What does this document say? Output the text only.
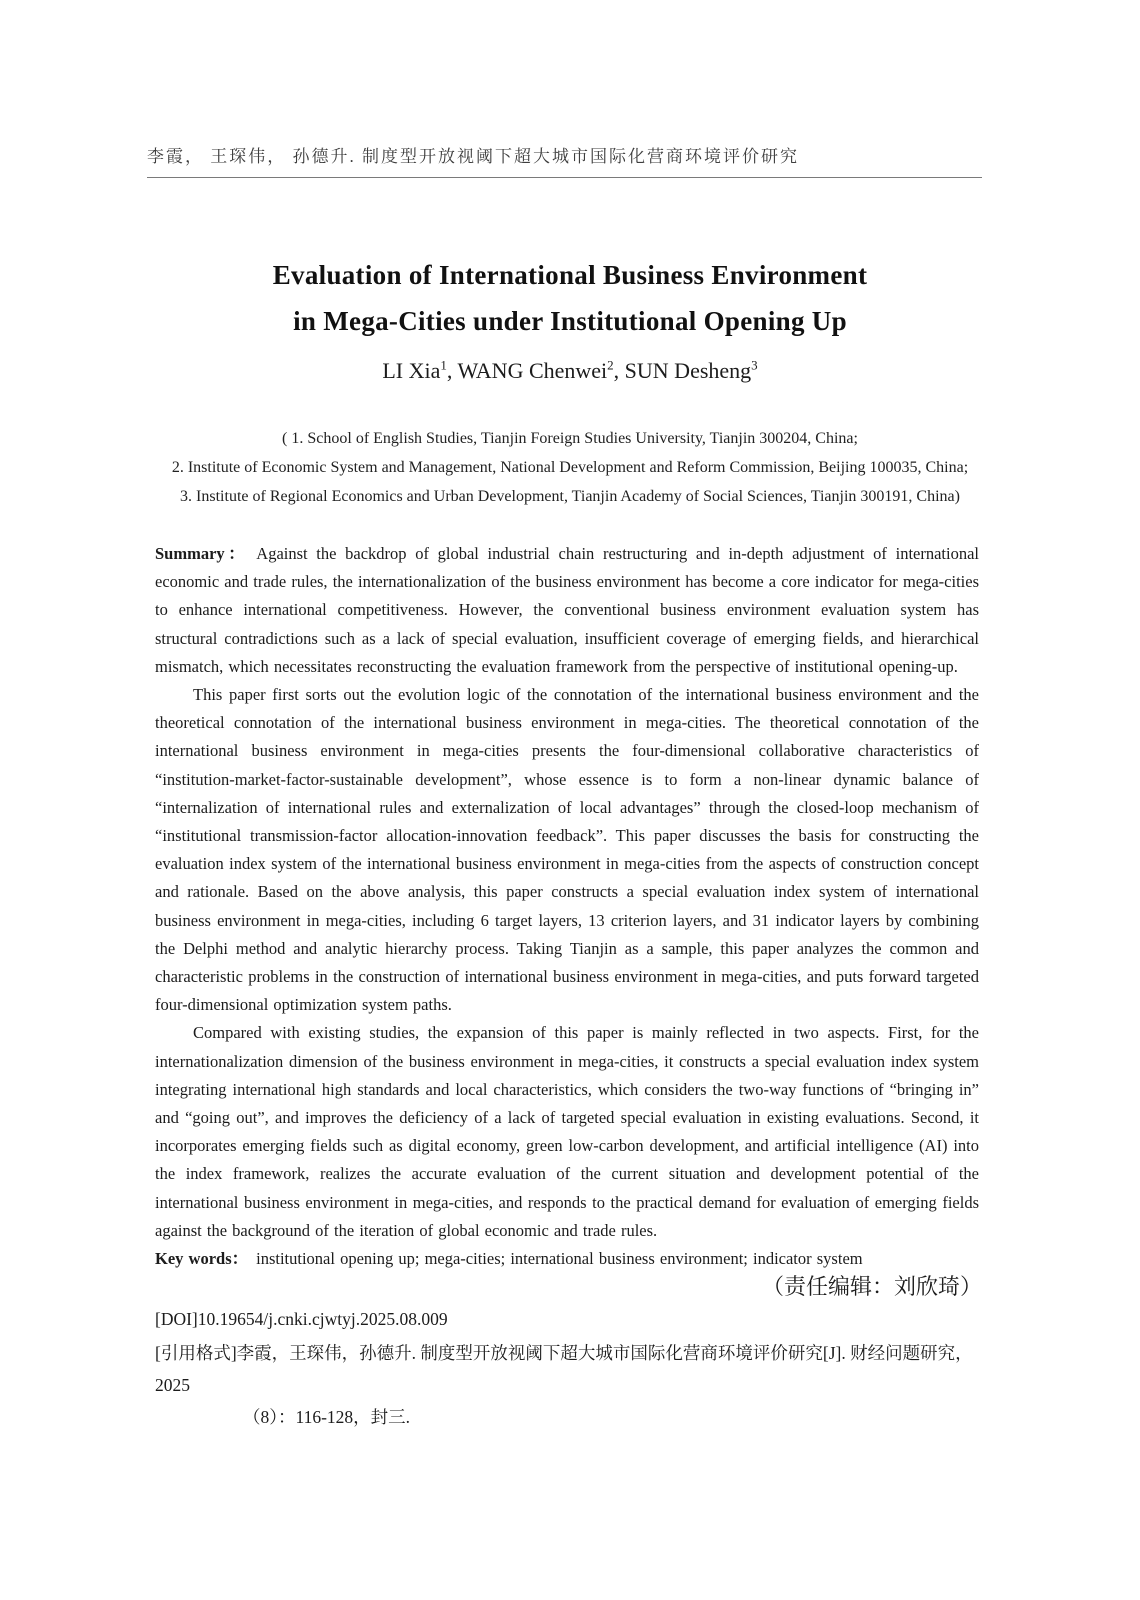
李霞， 王琛伟， 孙德升. 制度型开放视阈下超大城市国际化营商环境评价研究
Evaluation of International Business Environment
in Mega-Cities under Institutional Opening Up
LI Xia$^1$, WANG Chenwei$^2$, SUN Desheng$^3$
( 1. School of English Studies, Tianjin Foreign Studies University, Tianjin 300204, China;
2. Institute of Economic System and Management, National Development and Reform Commission, Beijing 100035, China;
3. Institute of Regional Economics and Urban Development, Tianjin Academy of Social Sciences, Tianjin 300191, China)

Summary： Against the backdrop of global industrial chain restructuring and in-depth adjustment of international economic and trade rules, the internationalization of the business environment has become a core indicator for mega-cities to enhance international competitiveness. However, the conventional business environment evaluation system has structural contradictions such as a lack of special evaluation, insufficient coverage of emerging fields, and hierarchical mismatch, which necessitates reconstructing the evaluation framework from the perspective of institutional opening-up.

This paper first sorts out the evolution logic of the connotation of the international business environment and the theoretical connotation of the international business environment in mega-cities. The theoretical connotation of the international business environment in mega-cities presents the four-dimensional collaborative characteristics of “institution-market-factor-sustainable development”, whose essence is to form a non-linear dynamic balance of “internalization of international rules and externalization of local advantages” through the closed-loop mechanism of “institutional transmission-factor allocation-innovation feedback”. This paper discusses the basis for constructing the evaluation index system of the international business environment in mega-cities from the aspects of construction concept and rationale. Based on the above analysis, this paper constructs a special evaluation index system of international business environment in mega-cities, including 6 target layers, 13 criterion layers, and 31 indicator layers by combining the Delphi method and analytic hierarchy process. Taking Tianjin as a sample, this paper analyzes the common and characteristic problems in the construction of international business environment in mega-cities, and puts forward targeted four-dimensional optimization system paths.

Compared with existing studies, the expansion of this paper is mainly reflected in two aspects. First, for the internationalization dimension of the business environment in mega-cities, it constructs a special evaluation index system integrating international high standards and local characteristics, which considers the two-way functions of “bringing in” and “going out”, and improves the deficiency of a lack of targeted special evaluation in existing evaluations. Second, it incorporates emerging fields such as digital economy, green low-carbon development, and artificial intelligence (AI) into the index framework, realizes the accurate evaluation of the current situation and development potential of the international business environment in mega-cities, and responds to the practical demand for evaluation of emerging fields against the background of the iteration of global economic and trade rules.

Key words： institutional opening up; mega-cities; international business environment; indicator system

（责任编辑：刘欣琦）
[DOI]10.19654/j.cnki.cjwtyj.2025.08.009
[引用格式]李霞，王琛伟，孙德升. 制度型开放视阈下超大城市国际化营商环境评价研究[J]. 财经问题研究，2025
（8）：116-128，封三.
